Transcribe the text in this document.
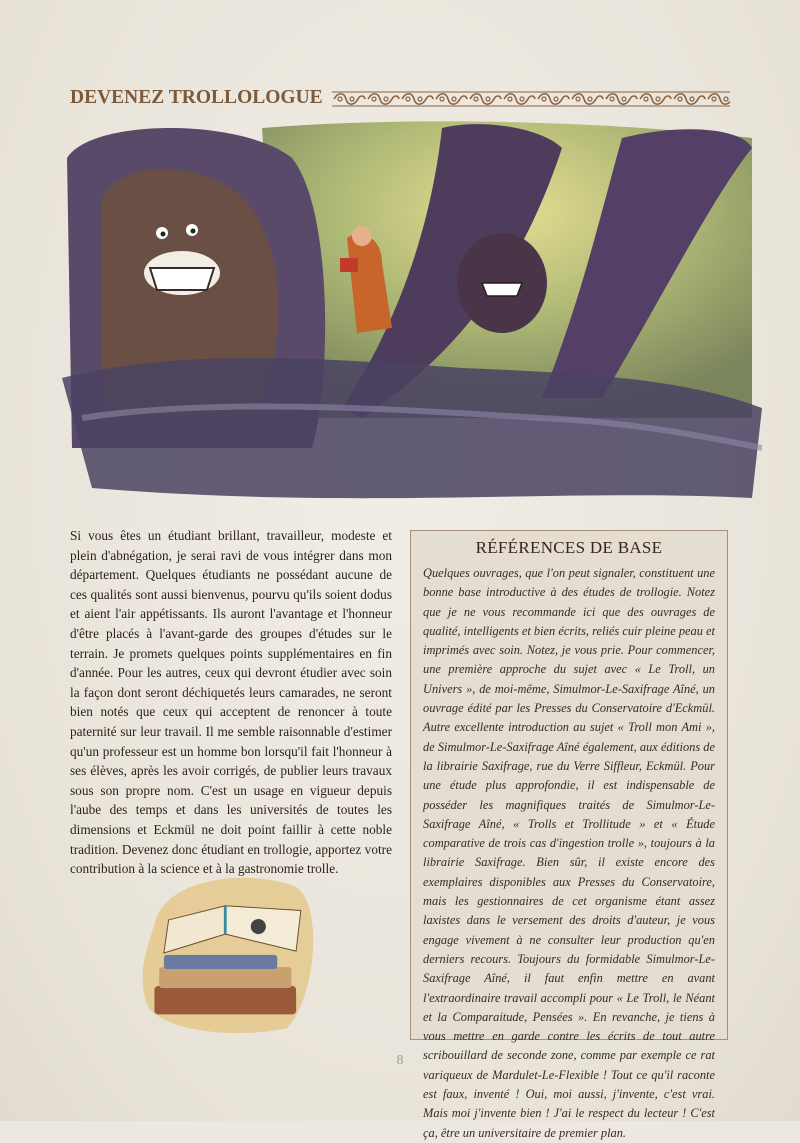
DEVENEZ TROLLOLOGUE
Si vous êtes un étudiant brillant, travailleur, modeste et plein d'abnégation, je serai ravi de vous intégrer dans mon département. Quelques étudiants ne possédant aucune de ces qualités sont aussi bienvenus, pourvu qu'ils soient dodus et aient l'air appétissants. Ils auront l'avantage et l'honneur d'être placés à l'avant-garde des groupes d'études sur le terrain. Je promets quelques points supplémentaires en fin d'année. Pour les autres, ceux qui devront étudier avec soin la façon dont seront déchiquetés leurs camarades, ne seront bien notés que ceux qui acceptent de renoncer à toute paternité sur leur travail. Il me semble raisonnable d'estimer qu'un professeur est un homme bon lorsqu'il fait l'honneur à ses élèves, après les avoir corrigés, de publier leurs travaux sous son propre nom. C'est un usage en vigueur depuis l'aube des temps et dans les universités de toutes les dimensions et Eckmül ne doit point faillir à cette noble tradition. Devenez donc étudiant en trollogie, apportez votre contribution à la science et à la gastronomie trolle.
RÉFÉRENCES DE BASE

Quelques ouvrages, que l'on peut signaler, constituent une bonne base introductive à des études de trollogie. Notez que je ne vous recommande ici que des ouvrages de qualité, intelligents et bien écrits, reliés cuir pleine peau et imprimés avec soin. Notez, je vous prie. Pour commencer, une première approche du sujet avec « Le Troll, un Univers », de moi-même, Simulmor-Le-Saxifrage Aîné, un ouvrage édité par les Presses du Conservatoire d'Eckmül. Autre excellente introduction au sujet « Troll mon Ami », de Simulmor-Le-Saxifrage Aîné également, aux éditions de la librairie Saxifrage, rue du Verre Siffleur, Eckmül. Pour une étude plus approfondie, il est indispensable de posséder les magnifiques traités de Simulmor-Le-Saxifrage Aîné, « Trolls et Trollitude » et « Étude comparative de trois cas d'ingestion trolle », toujours à la librairie Saxifrage. Bien sûr, il existe encore des exemplaires disponibles aux Presses du Conservatoire, mais les gestionnaires de cet organisme étant assez laxistes dans le versement des droits d'auteur, je vous engage vivement à ne consulter leur production qu'en derniers recours. Toujours du formidable Simulmor-Le-Saxifrage Aîné, il faut enfin mettre en avant l'extraordinaire travail accompli pour « Le Troll, le Néant et la Comparaitude, Pensées ». En revanche, je tiens à vous mettre en garde contre les écrits de tout autre scribouillard de seconde zone, comme par exemple ce rat variqueux de Mardulet-Le-Flexible ! Tout ce qu'il raconte est faux, inventé ! Oui, moi aussi, j'invente, c'est vrai. Mais moi j'invente bien ! J'ai le respect du lecteur ! C'est ça, être un universitaire de premier plan.

8
